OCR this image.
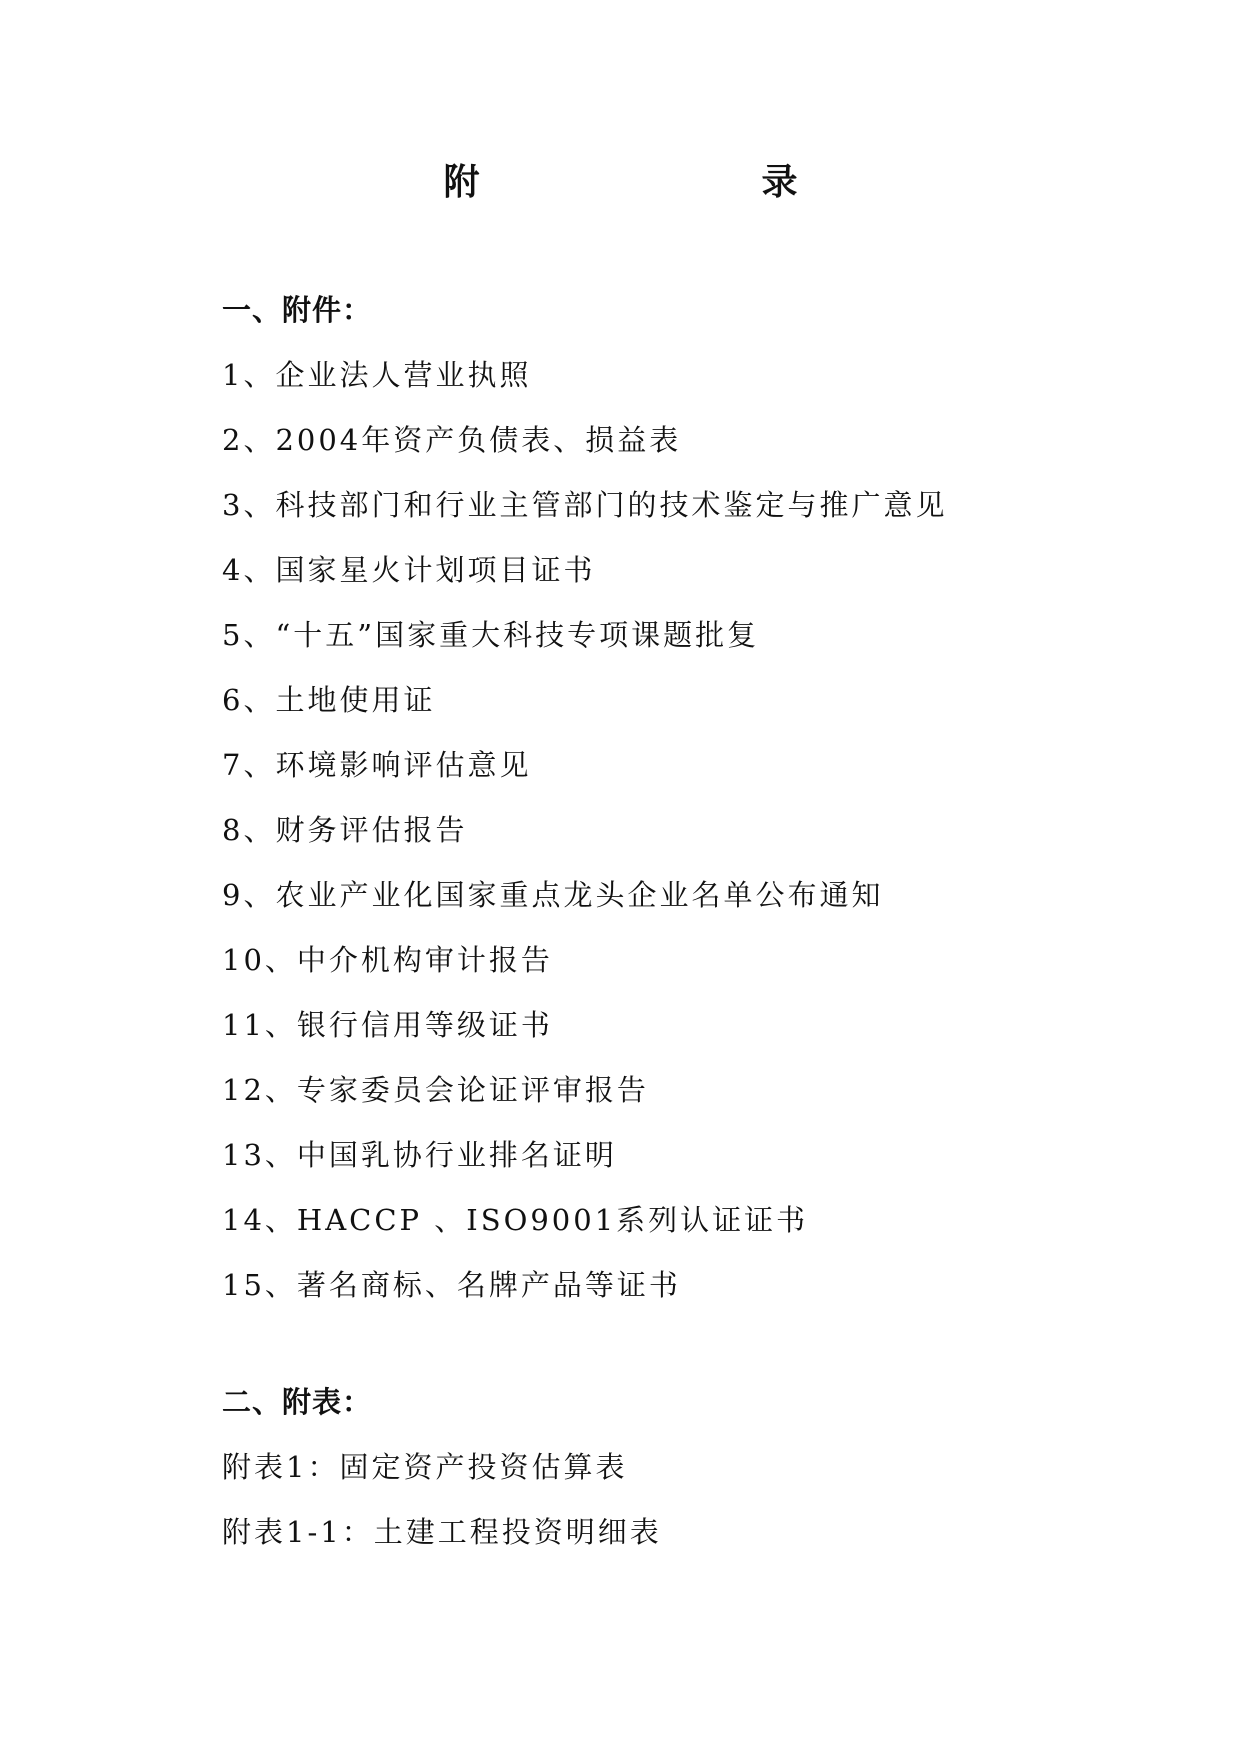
附　　录
一、附件：
1、企业法人营业执照
2、2004年资产负债表、损益表
3、科技部门和行业主管部门的技术鉴定与推广意见
4、国家星火计划项目证书
5、“十五”国家重大科技专项课题批复
6、土地使用证
7、环境影响评估意见
8、财务评估报告
9、农业产业化国家重点龙头企业名单公布通知
10、中介机构审计报告
11、银行信用等级证书
12、专家委员会论证评审报告
13、中国乳协行业排名证明
14、HACCP 、ISO9001系列认证证书
15、著名商标、名牌产品等证书
二、附表：
附表1：固定资产投资估算表
附表1-1：土建工程投资明细表
